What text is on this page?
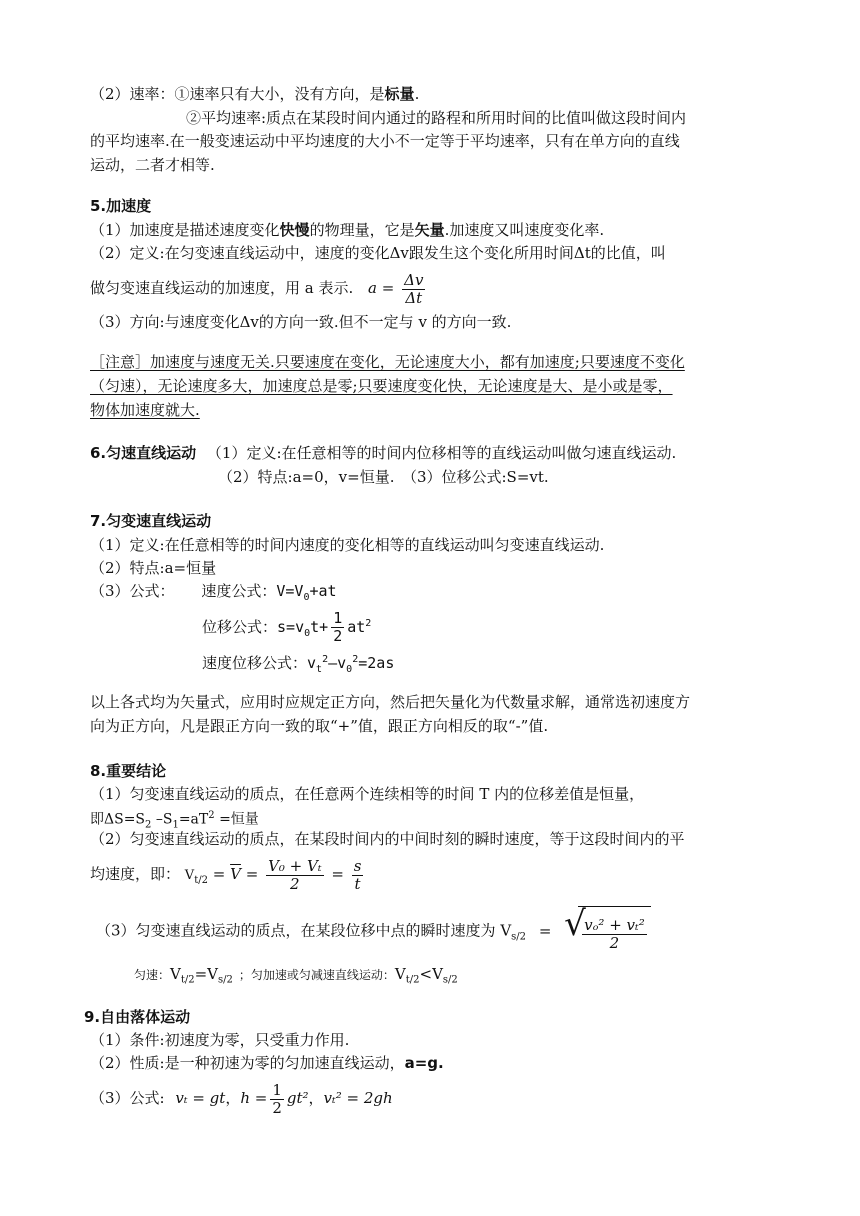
（2）速率：①速率只有大小，没有方向，是标量.
②平均速率:质点在某段时间内通过的路程和所用时间的比值叫做这段时间内
的平均速率.在一般变速运动中平均速度的大小不一定等于平均速率，只有在单方向的直线
运动，二者才相等.
5.加速度
（1）加速度是描述速度变化快慢的物理量，它是矢量.加速度又叫速度变化率.
（2）定义:在匀变速直线运动中，速度的变化Δv跟发生这个变化所用时间Δt的比值，叫
做匀变速直线运动的加速度，用 a 表示. $a = \frac{\Delta v}{\Delta t}$
（3）方向:与速度变化Δv的方向一致.但不一定与 v 的方向一致.
［注意］加速度与速度无关.只要速度在变化，无论速度大小，都有加速度;只要速度不变化
（匀速），无论速度多大，加速度总是零;只要速度变化快，无论速度是大、是小或是零，
物体加速度就大.
6.匀速直线运动 （1）定义:在任意相等的时间内位移相等的直线运动叫做匀速直线运动.
（2）特点:a=0，v=恒量.　（3）位移公式:S=vt.
7.匀变速直线运动
（1）定义:在任意相等的时间内速度的变化相等的直线运动叫匀变速直线运动.
（2）特点:a=恒量
（3）公式： 速度公式：$V=V_0+at$
位移公式：$s=v_0t+ \frac{1}{2} at^2$
速度位移公式：$v_t^2-v_0^2=2as$
以上各式均为矢量式，应用时应规定正方向，然后把矢量化为代数量求解，通常选初速度方
向为正方向，凡是跟正方向一致的取“+”值，跟正方向相反的取“-”值.
8.重要结论
（1）匀变速直线运动的质点，在任意两个连续相等的时间 T 内的位移差值是恒量，
即$\Delta S=S_2$ $-S_1=aT^2$ =恒量
（2）匀变速直线运动的质点，在某段时间内的中间时刻的瞬时速度，等于这段时间内的平
均速度，即： $V_{t/2} = \overline{V} = \frac{\text{V₀ + Vₜ}}{2} = \frac{s}{t}$
（3）匀变速直线运动的质点，在某段位移中点的瞬时速度为 $V_{s/2}$ = √
$\frac{\text{vₒ² + vₜ²}}{2}$
匀速：$V_{t/2}=V_{s/2}$ ；匀加速或匀减速直线运动：$V_{t/2}<V_{s/2}$
9.自由落体运动
（1）条件:初速度为零，只受重力作用.
（2）性质:是一种初速为零的匀加速直线运动，a=g.
（3）公式: vₜ = gt，$h = \frac{1}{2} gt^2$，vₜ² = 2gh
